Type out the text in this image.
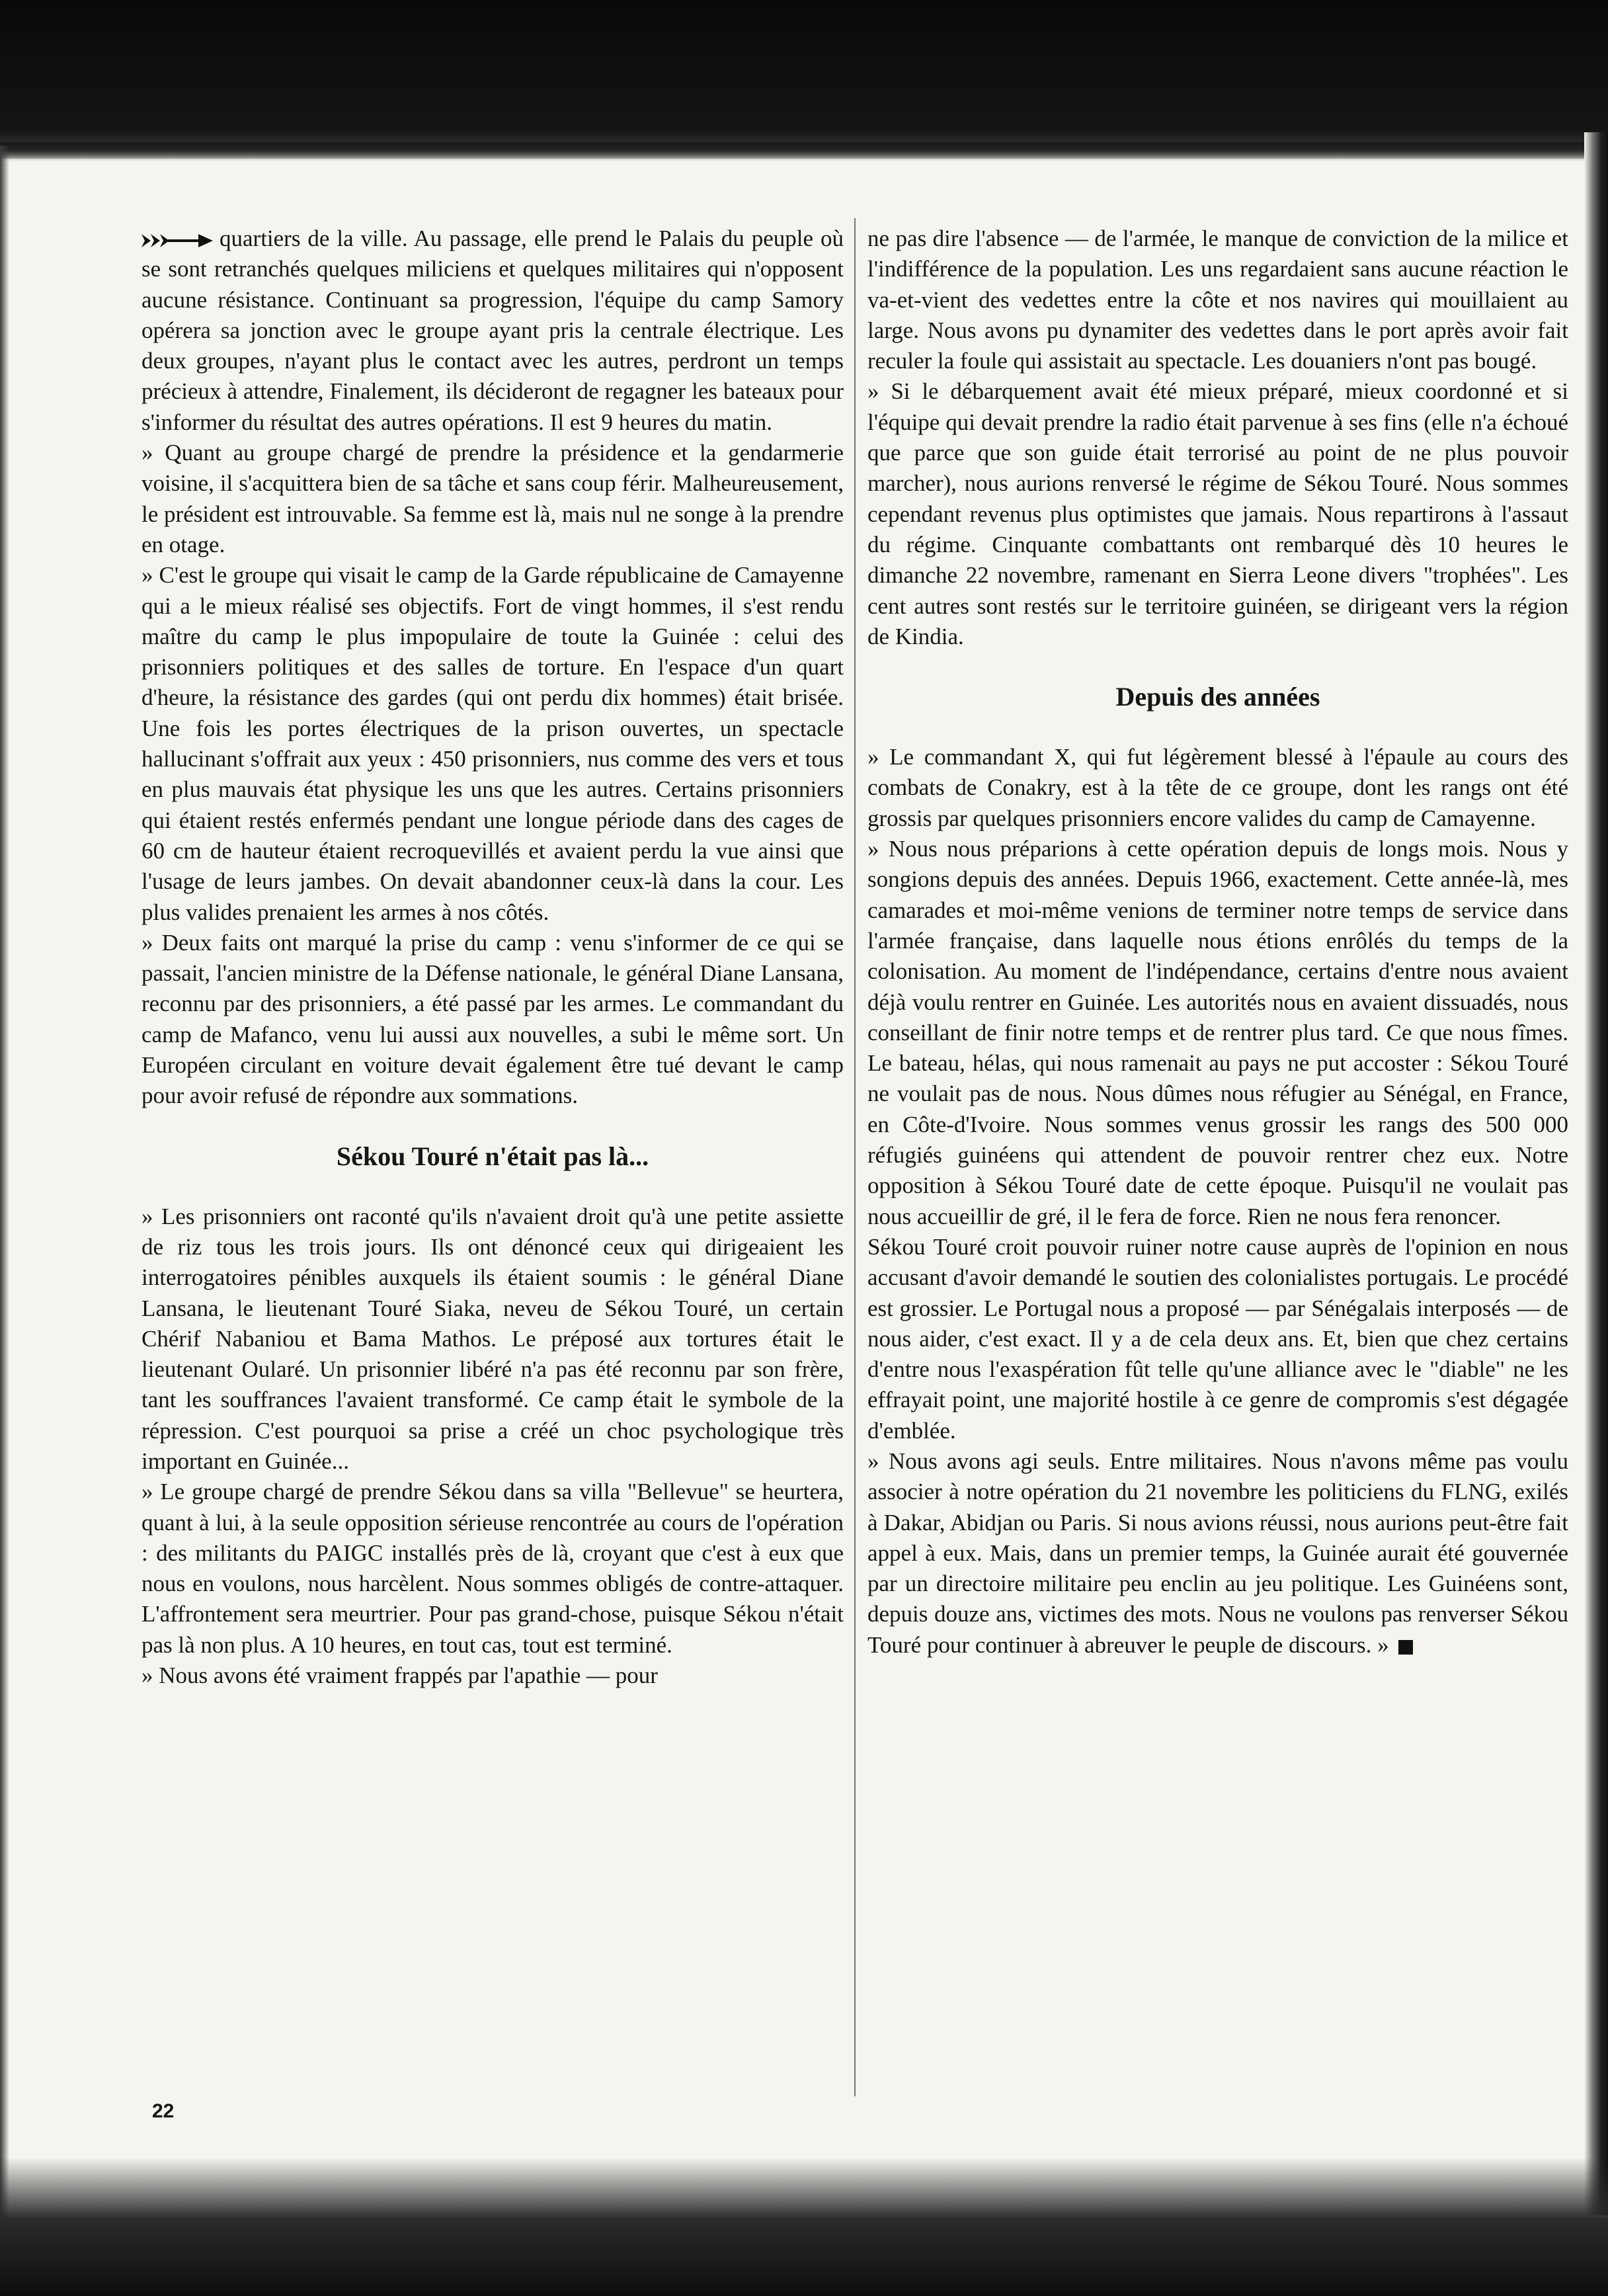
quartiers de la ville. Au passage, elle prend le Palais du peuple où se sont retranchés quelques miliciens et quelques militaires qui n'opposent aucune résistance. Continuant sa progression, l'équipe du camp Samory opérera sa jonction avec le groupe ayant pris la centrale électrique. Les deux groupes, n'ayant plus le contact avec les autres, perdront un temps précieux à attendre, Finalement, ils décideront de regagner les bateaux pour s'informer du résultat des autres opérations. Il est 9 heures du matin.

» Quant au groupe chargé de prendre la présidence et la gendarmerie voisine, il s'acquittera bien de sa tâche et sans coup férir. Malheureusement, le président est introuvable. Sa femme est là, mais nul ne songe à la prendre en otage.

» C'est le groupe qui visait le camp de la Garde républicaine de Camayenne qui a le mieux réalisé ses objectifs. Fort de vingt hommes, il s'est rendu maître du camp le plus impopulaire de toute la Guinée : celui des prisonniers politiques et des salles de torture. En l'espace d'un quart d'heure, la résistance des gardes (qui ont perdu dix hommes) était brisée. Une fois les portes électriques de la prison ouvertes, un spectacle hallucinant s'offrait aux yeux : 450 prisonniers, nus comme des vers et tous en plus mauvais état physique les uns que les autres. Certains prisonniers qui étaient restés enfermés pendant une longue période dans des cages de 60 cm de hauteur étaient recroquevillés et avaient perdu la vue ainsi que l'usage de leurs jambes. On devait abandonner ceux-là dans la cour. Les plus valides prenaient les armes à nos côtés.

» Deux faits ont marqué la prise du camp : venu s'informer de ce qui se passait, l'ancien ministre de la Défense nationale, le général Diane Lansana, reconnu par des prisonniers, a été passé par les armes. Le commandant du camp de Mafanco, venu lui aussi aux nouvelles, a subi le même sort. Un Européen circulant en voiture devait également être tué devant le camp pour avoir refusé de répondre aux sommations.

Sékou Touré n'était pas là...

» Les prisonniers ont raconté qu'ils n'avaient droit qu'à une petite assiette de riz tous les trois jours. Ils ont dénoncé ceux qui dirigeaient les interrogatoires pénibles auxquels ils étaient soumis : le général Diane Lansana, le lieutenant Touré Siaka, neveu de Sékou Touré, un certain Chérif Nabaniou et Bama Mathos. Le préposé aux tortures était le lieutenant Oularé. Un prisonnier libéré n'a pas été reconnu par son frère, tant les souffrances l'avaient transformé. Ce camp était le symbole de la répression. C'est pourquoi sa prise a créé un choc psychologique très important en Guinée...

» Le groupe chargé de prendre Sékou dans sa villa "Bellevue" se heurtera, quant à lui, à la seule opposition sérieuse rencontrée au cours de l'opération : des militants du PAIGC installés près de là, croyant que c'est à eux que nous en voulons, nous harcèlent. Nous sommes obligés de contre-attaquer. L'affrontement sera meurtrier. Pour pas grand-chose, puisque Sékou n'était pas là non plus. A 10 heures, en tout cas, tout est terminé.

» Nous avons été vraiment frappés par l'apathie — pour

ne pas dire l'absence — de l'armée, le manque de conviction de la milice et l'indifférence de la population. Les uns regardaient sans aucune réaction le va-et-vient des vedettes entre la côte et nos navires qui mouillaient au large. Nous avons pu dynamiter des vedettes dans le port après avoir fait reculer la foule qui assistait au spectacle. Les douaniers n'ont pas bougé.

» Si le débarquement avait été mieux préparé, mieux coordonné et si l'équipe qui devait prendre la radio était parvenue à ses fins (elle n'a échoué que parce que son guide était terrorisé au point de ne plus pouvoir marcher), nous aurions renversé le régime de Sékou Touré. Nous sommes cependant revenus plus optimistes que jamais. Nous repartirons à l'assaut du régime. Cinquante combattants ont rembarqué dès 10 heures le dimanche 22 novembre, ramenant en Sierra Leone divers "trophées". Les cent autres sont restés sur le territoire guinéen, se dirigeant vers la région de Kindia.

Depuis des années

» Le commandant X, qui fut légèrement blessé à l'épaule au cours des combats de Conakry, est à la tête de ce groupe, dont les rangs ont été grossis par quelques prisonniers encore valides du camp de Camayenne.

» Nous nous préparions à cette opération depuis de longs mois. Nous y songions depuis des années. Depuis 1966, exactement. Cette année-là, mes camarades et moi-même venions de terminer notre temps de service dans l'armée française, dans laquelle nous étions enrôlés du temps de la colonisation. Au moment de l'indépendance, certains d'entre nous avaient déjà voulu rentrer en Guinée. Les autorités nous en avaient dissuadés, nous conseillant de finir notre temps et de rentrer plus tard. Ce que nous fîmes. Le bateau, hélas, qui nous ramenait au pays ne put accoster : Sékou Touré ne voulait pas de nous. Nous dûmes nous réfugier au Sénégal, en France, en Côte-d'Ivoire. Nous sommes venus grossir les rangs des 500 000 réfugiés guinéens qui attendent de pouvoir rentrer chez eux. Notre opposition à Sékou Touré date de cette époque. Puisqu'il ne voulait pas nous accueillir de gré, il le fera de force. Rien ne nous fera renoncer.

Sékou Touré croit pouvoir ruiner notre cause auprès de l'opinion en nous accusant d'avoir demandé le soutien des colonialistes portugais. Le procédé est grossier. Le Portugal nous a proposé — par Sénégalais interposés — de nous aider, c'est exact. Il y a de cela deux ans. Et, bien que chez certains d'entre nous l'exaspération fût telle qu'une alliance avec le "diable" ne les effrayait point, une majorité hostile à ce genre de compromis s'est dégagée d'emblée.

» Nous avons agi seuls. Entre militaires. Nous n'avons même pas voulu associer à notre opération du 21 novembre les politiciens du FLNG, exilés à Dakar, Abidjan ou Paris. Si nous avions réussi, nous aurions peut-être fait appel à eux. Mais, dans un premier temps, la Guinée aurait été gouvernée par un directoire militaire peu enclin au jeu politique. Les Guinéens sont, depuis douze ans, victimes des mots. Nous ne voulons pas renverser Sékou Touré pour continuer à abreuver le peuple de discours. »

22
